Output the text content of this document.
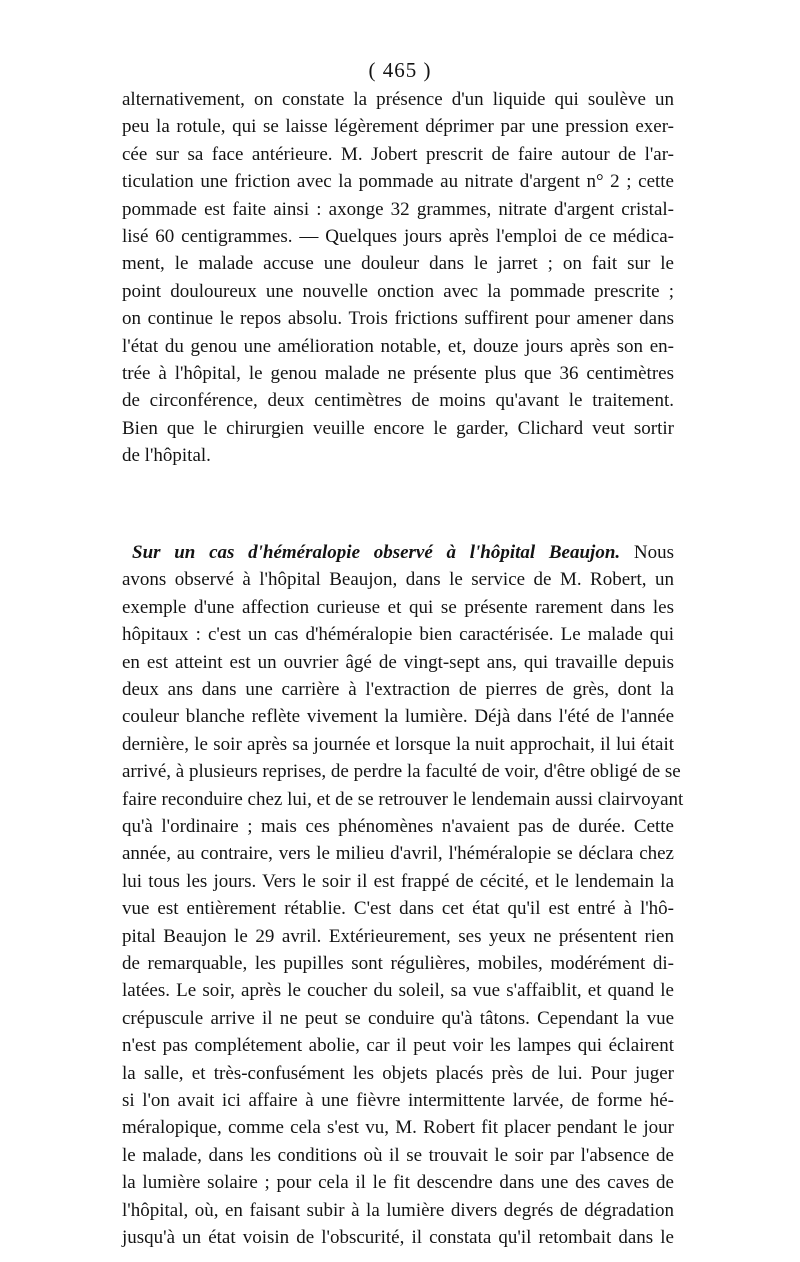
( 465 )
alternativement, on constate la présence d'un liquide qui soulève un
peu la rotule, qui se laisse légèrement déprimer par une pression exer-
cée sur sa face antérieure. M. Jobert prescrit de faire autour de l'ar-
ticulation une friction avec la pommade au nitrate d'argent n° 2 ; cette
pommade est faite ainsi : axonge 32 grammes, nitrate d'argent cristal-
lisé 60 centigrammes. — Quelques jours après l'emploi de ce médica-
ment, le malade accuse une douleur dans le jarret ; on fait sur le
point douloureux une nouvelle onction avec la pommade prescrite ;
on continue le repos absolu. Trois frictions suffirent pour amener dans
l'état du genou une amélioration notable, et, douze jours après son en-
trée à l'hôpital, le genou malade ne présente plus que 36 centimètres
de circonférence, deux centimètres de moins qu'avant le traitement.
Bien que le chirurgien veuille encore le garder, Clichard veut sortir
de l'hôpital.
Sur un cas d'héméralopie observé à l'hôpital Beaujon. Nous
avons observé à l'hôpital Beaujon, dans le service de M. Robert, un
exemple d'une affection curieuse et qui se présente rarement dans les
hôpitaux : c'est un cas d'héméralopie bien caractérisée. Le malade qui
en est atteint est un ouvrier âgé de vingt-sept ans, qui travaille depuis
deux ans dans une carrière à l'extraction de pierres de grès, dont la
couleur blanche reflète vivement la lumière. Déjà dans l'été de l'année
dernière, le soir après sa journée et lorsque la nuit approchait, il lui était
arrivé, à plusieurs reprises, de perdre la faculté de voir, d'être obligé de se
faire reconduire chez lui, et de se retrouver le lendemain aussi clairvoyant
qu'à l'ordinaire ; mais ces phénomènes n'avaient pas de durée. Cette
année, au contraire, vers le milieu d'avril, l'héméralopie se déclara chez
lui tous les jours. Vers le soir il est frappé de cécité, et le lendemain la
vue est entièrement rétablie. C'est dans cet état qu'il est entré à l'hô-
pital Beaujon le 29 avril. Extérieurement, ses yeux ne présentent rien
de remarquable, les pupilles sont régulières, mobiles, modérément di-
latées. Le soir, après le coucher du soleil, sa vue s'affaiblit, et quand le
crépuscule arrive il ne peut se conduire qu'à tâtons. Cependant la vue
n'est pas complétement abolie, car il peut voir les lampes qui éclairent
la salle, et très-confusément les objets placés près de lui. Pour juger
si l'on avait ici affaire à une fièvre intermittente larvée, de forme hé-
méralopique, comme cela s'est vu, M. Robert fit placer pendant le jour
le malade, dans les conditions où il se trouvait le soir par l'absence de
la lumière solaire ; pour cela il le fit descendre dans une des caves de
l'hôpital, où, en faisant subir à la lumière divers degrés de dégradation
jusqu'à un état voisin de l'obscurité, il constata qu'il retombait dans le
